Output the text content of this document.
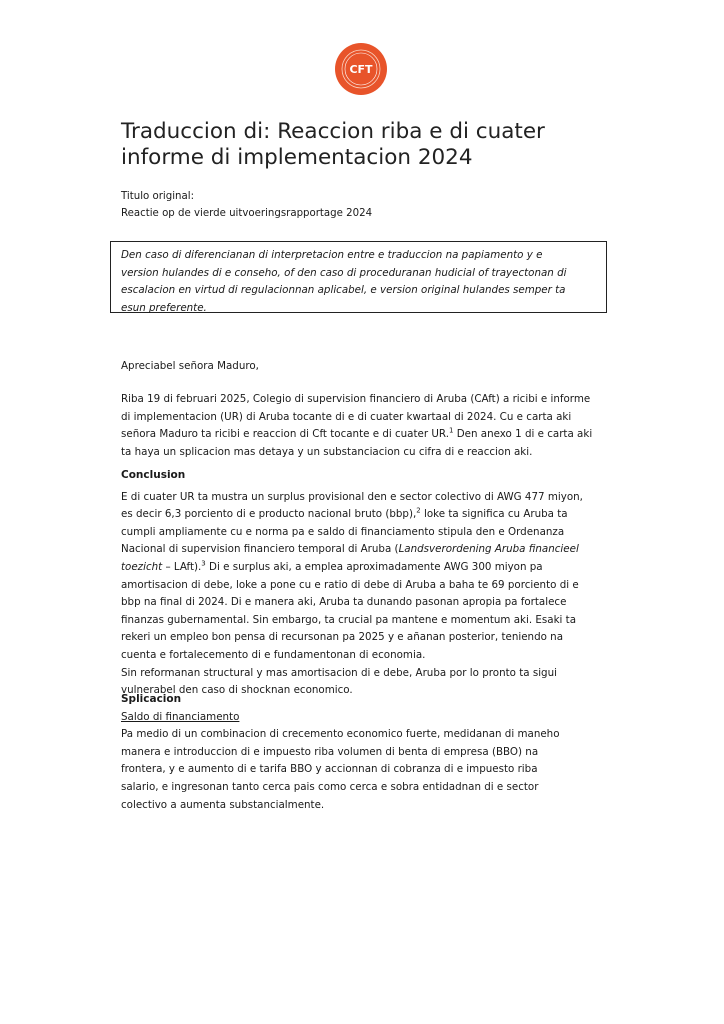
CFT
Traduccion di: Reaccion riba e di cuater
informe di implementacion 2024
Titulo original:
Reactie op de vierde uitvoeringsrapportage 2024
Den caso di diferencianan di interpretacion entre e traduccion na papiamento y e
version hulandes di e conseho, of den caso di proceduranan hudicial of trayectonan di
escalacion en virtud di regulacionnan aplicabel, e version original hulandes semper ta
esun preferente.
Apreciabel señora Maduro,
Riba 19 di februari 2025, Colegio di supervision financiero di Aruba (CAft) a ricibi e informe
di implementacion (UR) di Aruba tocante di e di cuater kwartaal di 2024. Cu e carta aki
señora Maduro ta ricibi e reaccion di Cft tocante e di cuater UR.$^1$ Den anexo 1 di e carta aki
ta haya un splicacion mas detaya y un substanciacion cu cifra di e reaccion aki.
Conclusion
E di cuater UR ta mustra un surplus provisional den e sector colectivo di AWG 477 miyon,
es decir 6,3 porciento di e producto nacional bruto (bbp),$^2$ loke ta significa cu Aruba ta
cumpli ampliamente cu e norma pa e saldo di financiamento stipula den e Ordenanza
Nacional di supervision financiero temporal di Aruba (Landsverordening Aruba financieel
toezicht – LAft).$^3$ Di e surplus aki, a emplea aproximadamente AWG 300 miyon pa
amortisacion di debe, loke a pone cu e ratio di debe di Aruba a baha te 69 porciento di e
bbp na final di 2024. Di e manera aki, Aruba ta dunando pasonan apropia pa fortalece
finanzas gubernamental. Sin embargo, ta crucial pa mantene e momentum aki. Esaki ta
rekeri un empleo bon pensa di recursonan pa 2025 y e añanan posterior, teniendo na
cuenta e fortalecemento di e fundamentonan di economia.
Sin reformanan structural y mas amortisacion di e debe, Aruba por lo pronto ta sigui
vulnerabel den caso di shocknan economico.
Splicacion
Saldo di financiamento
Pa medio di un combinacion di crecemento economico fuerte, medidanan di maneho
manera e introduccion di e impuesto riba volumen di benta di empresa (BBO) na
frontera, y e aumento di e tarifa BBO y accionnan di cobranza di e impuesto riba
salario, e ingresonan tanto cerca pais como cerca e sobra entidadnan di e sector
colectivo a aumenta substancialmente.
